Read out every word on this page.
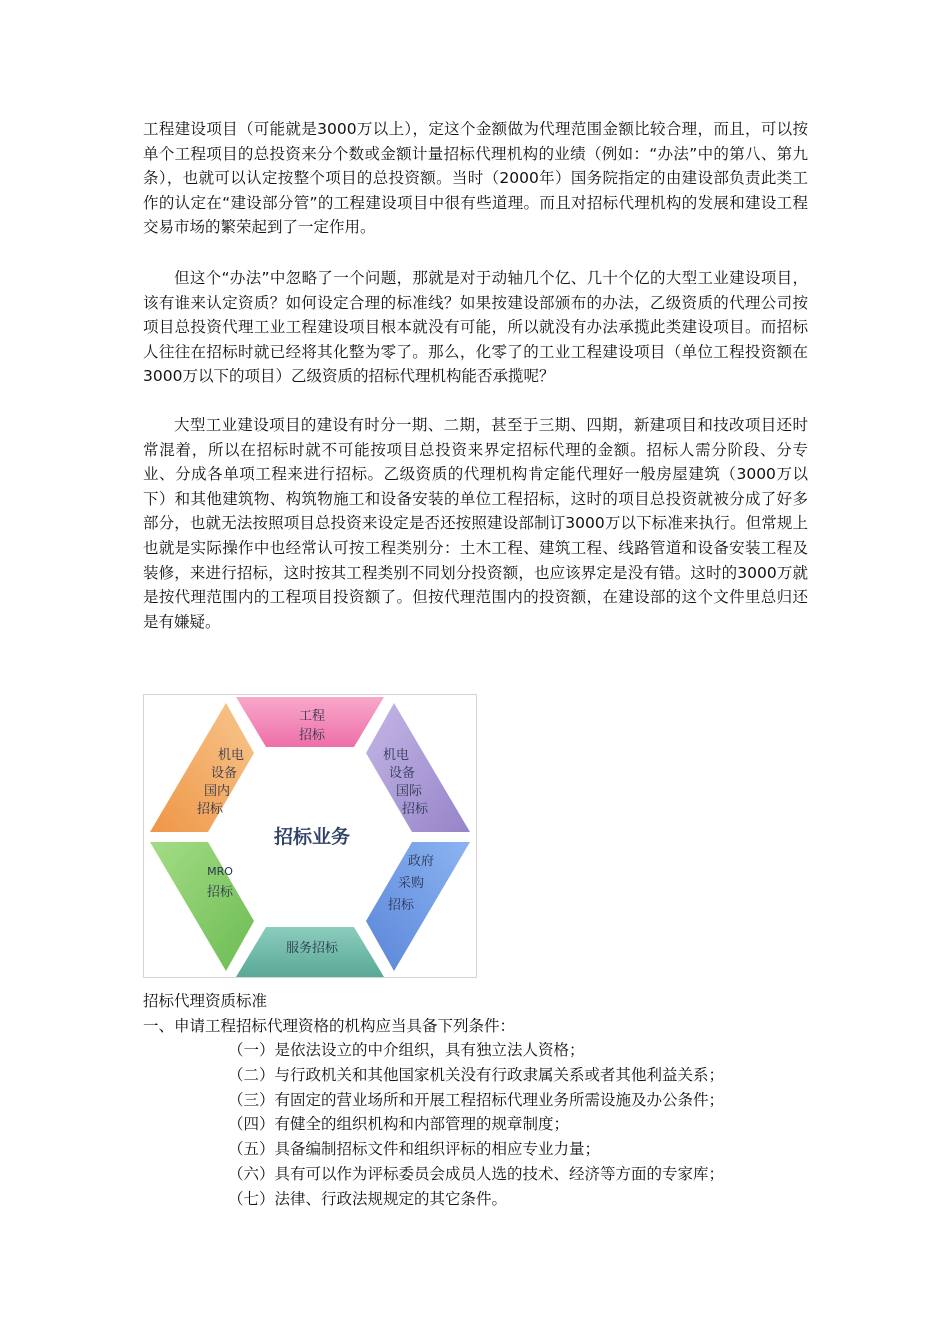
工程建设项目（可能就是3000万以上），定这个金额做为代理范围金额比较合理，而且，可以按单个工程项目的总投资来分个数或金额计量招标代理机构的业绩（例如：“办法”中的第八、第九条），也就可以认定按整个项目的总投资额。当时（2000年）国务院指定的由建设部负责此类工作的认定在“建设部分管”的工程建设项目中很有些道理。而且对招标代理机构的发展和建设工程交易市场的繁荣起到了一定作用。

但这个“办法”中忽略了一个问题，那就是对于动轴几个亿、几十个亿的大型工业建设项目，该有谁来认定资质？如何设定合理的标准线？如果按建设部颁布的办法，乙级资质的代理公司按项目总投资代理工业工程建设项目根本就没有可能，所以就没有办法承揽此类建设项目。而招标人往往在招标时就已经将其化整为零了。那么，化零了的工业工程建设项目（单位工程投资额在3000万以下的项目）乙级资质的招标代理机构能否承揽呢？

大型工业建设项目的建设有时分一期、二期，甚至于三期、四期，新建项目和技改项目还时常混着，所以在招标时就不可能按项目总投资来界定招标代理的金额。招标人需分阶段、分专业、分成各单项工程来进行招标。乙级资质的代理机构肯定能代理好一般房屋建筑（3000万以下）和其他建筑物、构筑物施工和设备安装的单位工程招标，这时的项目总投资就被分成了好多部分，也就无法按照项目总投资来设定是否还按照建设部制订3000万以下标准来执行。但常规上也就是实际操作中也经常认可按工程类别分：土木工程、建筑工程、线路管道和设备安装工程及装修，来进行招标，这时按其工程类别不同划分投资额，也应该界定是没有错。这时的3000万就是按代理范围内的工程项目投资额了。但按代理范围内的投资额，在建设部的这个文件里总归还是有嫌疑。

工程
招标
机电
设备
国际
招标
政府
采购
招标
服务招标
MRO
招标
机电
设备
国内
招标
招标业务

招标代理资质标准

一、申请工程招标代理资格的机构应当具备下列条件：

（一）是依法设立的中介组织，具有独立法人资格；
（二）与行政机关和其他国家机关没有行政隶属关系或者其他利益关系；
（三）有固定的营业场所和开展工程招标代理业务所需设施及办公条件；
（四）有健全的组织机构和内部管理的规章制度；
（五）具备编制招标文件和组织评标的相应专业力量；
（六）具有可以作为评标委员会成员人选的技术、经济等方面的专家库；
（七）法律、行政法规规定的其它条件。
